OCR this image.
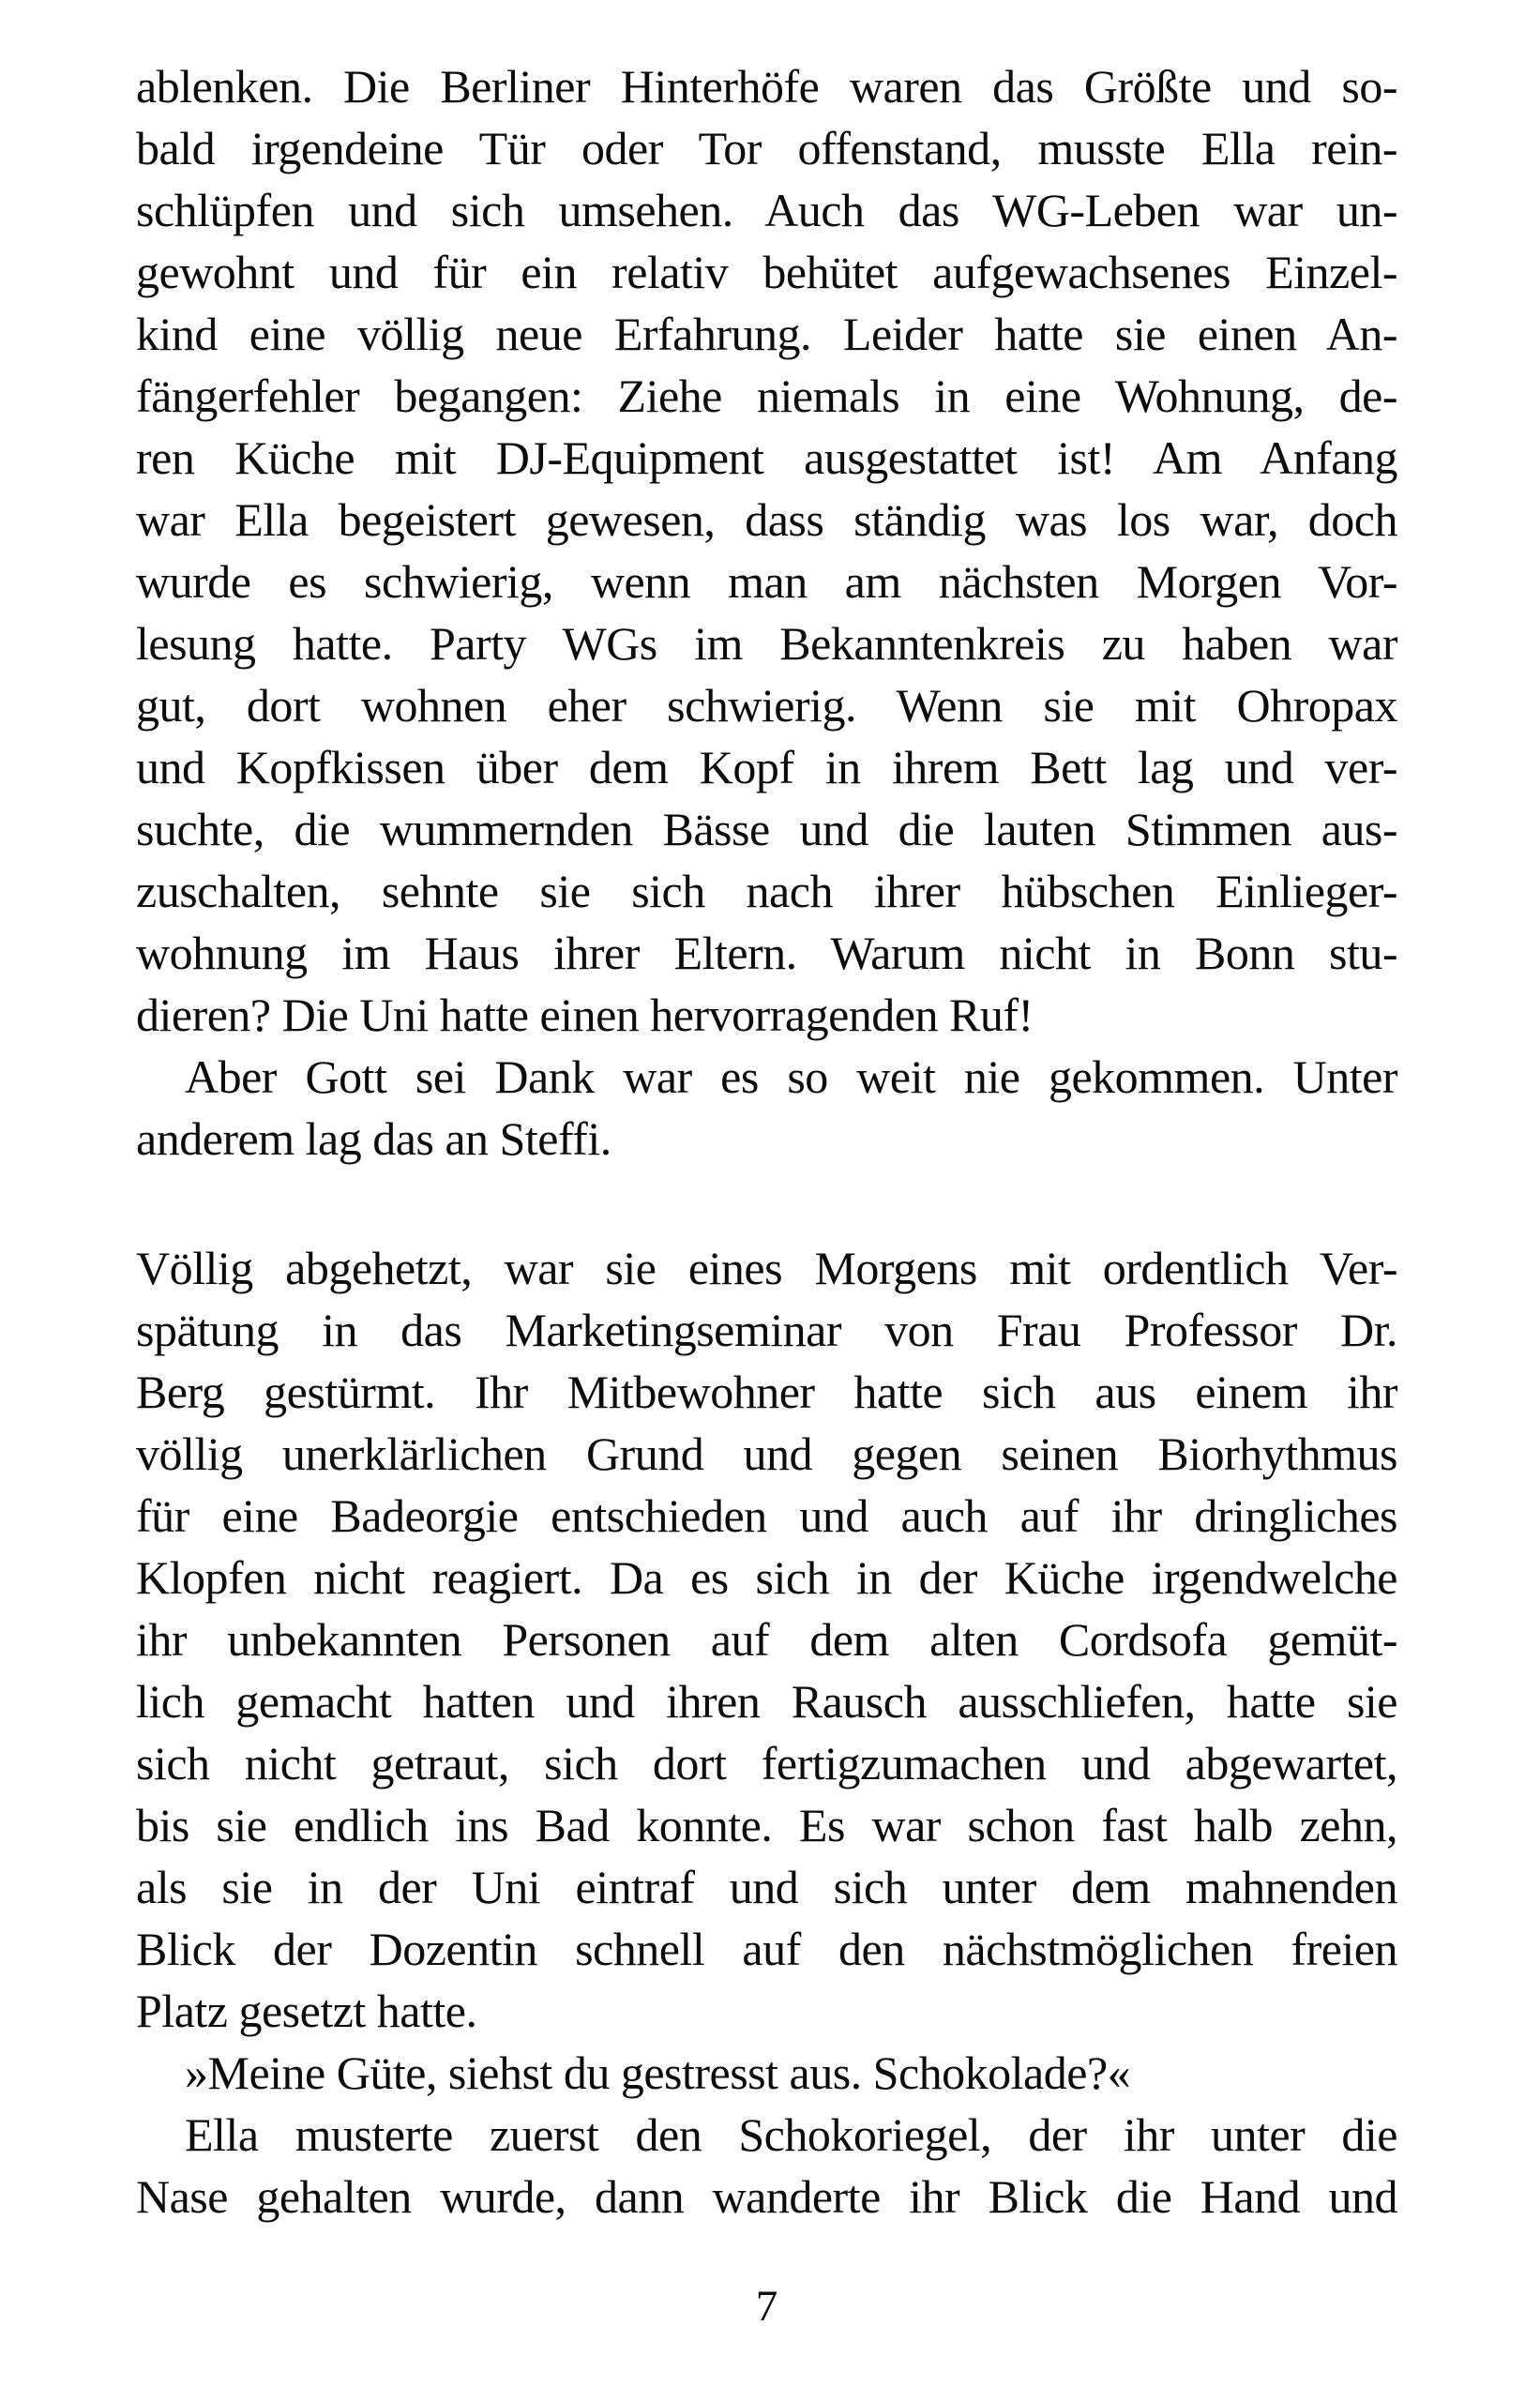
ablenken. Die Berliner Hinterhöfe waren das Größte und so-
bald irgendeine Tür oder Tor offenstand, musste Ella rein-
schlüpfen und sich umsehen. Auch das WG-Leben war un-
gewohnt und für ein relativ behütet aufgewachsenes Einzel-
kind eine völlig neue Erfahrung. Leider hatte sie einen An-
fängerfehler begangen: Ziehe niemals in eine Wohnung, de-
ren Küche mit DJ-Equipment ausgestattet ist! Am Anfang
war Ella begeistert gewesen, dass ständig was los war, doch
wurde es schwierig, wenn man am nächsten Morgen Vor-
lesung hatte. Party WGs im Bekanntenkreis zu haben war
gut, dort wohnen eher schwierig. Wenn sie mit Ohropax
und Kopfkissen über dem Kopf in ihrem Bett lag und ver-
suchte, die wummernden Bässe und die lauten Stimmen aus-
zuschalten, sehnte sie sich nach ihrer hübschen Einlieger-
wohnung im Haus ihrer Eltern. Warum nicht in Bonn stu-
dieren? Die Uni hatte einen hervorragenden Ruf!
Aber Gott sei Dank war es so weit nie gekommen. Unter
anderem lag das an Steffi.
Völlig abgehetzt, war sie eines Morgens mit ordentlich Ver-
spätung in das Marketingseminar von Frau Professor Dr.
Berg gestürmt. Ihr Mitbewohner hatte sich aus einem ihr
völlig unerklärlichen Grund und gegen seinen Biorhythmus
für eine Badeorgie entschieden und auch auf ihr dringliches
Klopfen nicht reagiert. Da es sich in der Küche irgendwelche
ihr unbekannten Personen auf dem alten Cordsofa gemüt-
lich gemacht hatten und ihren Rausch ausschliefen, hatte sie
sich nicht getraut, sich dort fertigzumachen und abgewartet,
bis sie endlich ins Bad konnte. Es war schon fast halb zehn,
als sie in der Uni eintraf und sich unter dem mahnenden
Blick der Dozentin schnell auf den nächstmöglichen freien
Platz gesetzt hatte.
»Meine Güte, siehst du gestresst aus. Schokolade?«
Ella musterte zuerst den Schokoriegel, der ihr unter die
Nase gehalten wurde, dann wanderte ihr Blick die Hand und
7
